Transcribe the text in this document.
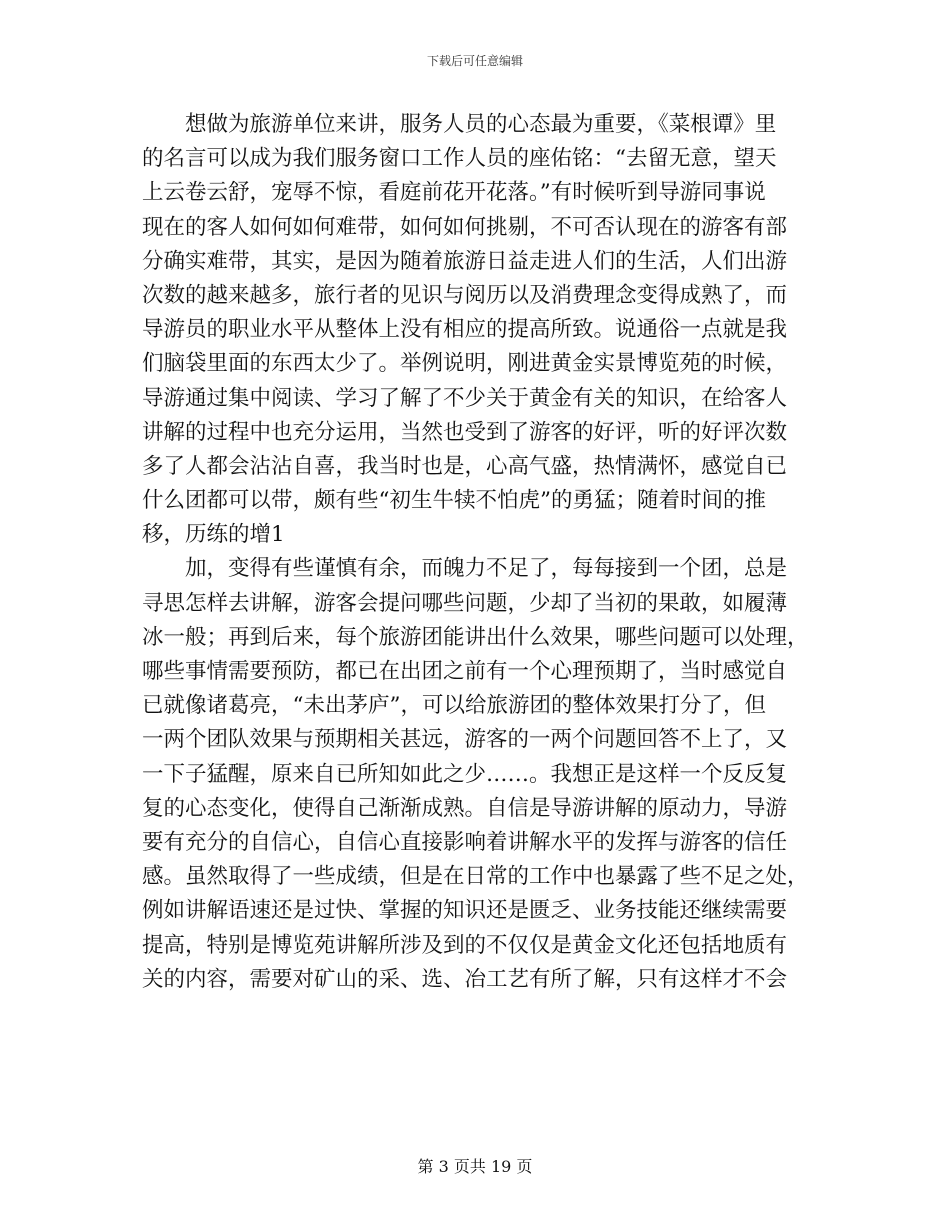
下载后可任意编辑
　　想做为旅游单位来讲，服务人员的心态最为重要，《菜根谭》里
的名言可以成为我们服务窗口工作人员的座佑铭：“去留无意，望天
上云卷云舒，宠辱不惊，看庭前花开花落。”有时候听到导游同事说
现在的客人如何如何难带，如何如何挑剔，不可否认现在的游客有部
分确实难带，其实，是因为随着旅游日益走进人们的生活，人们出游
次数的越来越多，旅行者的见识与阅历以及消费理念变得成熟了，而
导游员的职业水平从整体上没有相应的提高所致。说通俗一点就是我
们脑袋里面的东西太少了。举例说明，刚进黄金实景博览苑的时候，
导游通过集中阅读、学习了解了不少关于黄金有关的知识，在给客人
讲解的过程中也充分运用，当然也受到了游客的好评，听的好评次数
多了人都会沾沾自喜，我当时也是，心高气盛，热情满怀，感觉自已
什么团都可以带，颇有些“初生牛犊不怕虎”的勇猛；随着时间的推
移，历练的增1
　　加，变得有些谨慎有余，而魄力不足了，每每接到一个团，总是
寻思怎样去讲解，游客会提问哪些问题，少却了当初的果敢，如履薄
冰一般；再到后来，每个旅游团能讲出什么效果，哪些问题可以处理，
哪些事情需要预防，都已在出团之前有一个心理预期了，当时感觉自
已就像诸葛亮，“未出茅庐”，可以给旅游团的整体效果打分了，但
一两个团队效果与预期相关甚远，游客的一两个问题回答不上了，又
一下子猛醒，原来自已所知如此之少……。我想正是这样一个反反复
复的心态变化，使得自己渐渐成熟。自信是导游讲解的原动力，导游
要有充分的自信心，自信心直接影响着讲解水平的发挥与游客的信任
感。虽然取得了一些成绩，但是在日常的工作中也暴露了些不足之处，
例如讲解语速还是过快、掌握的知识还是匮乏、业务技能还继续需要
提高，特别是博览苑讲解所涉及到的不仅仅是黄金文化还包括地质有
关的内容，需要对矿山的采、选、冶工艺有所了解，只有这样才不会
第 3 页共 19 页
